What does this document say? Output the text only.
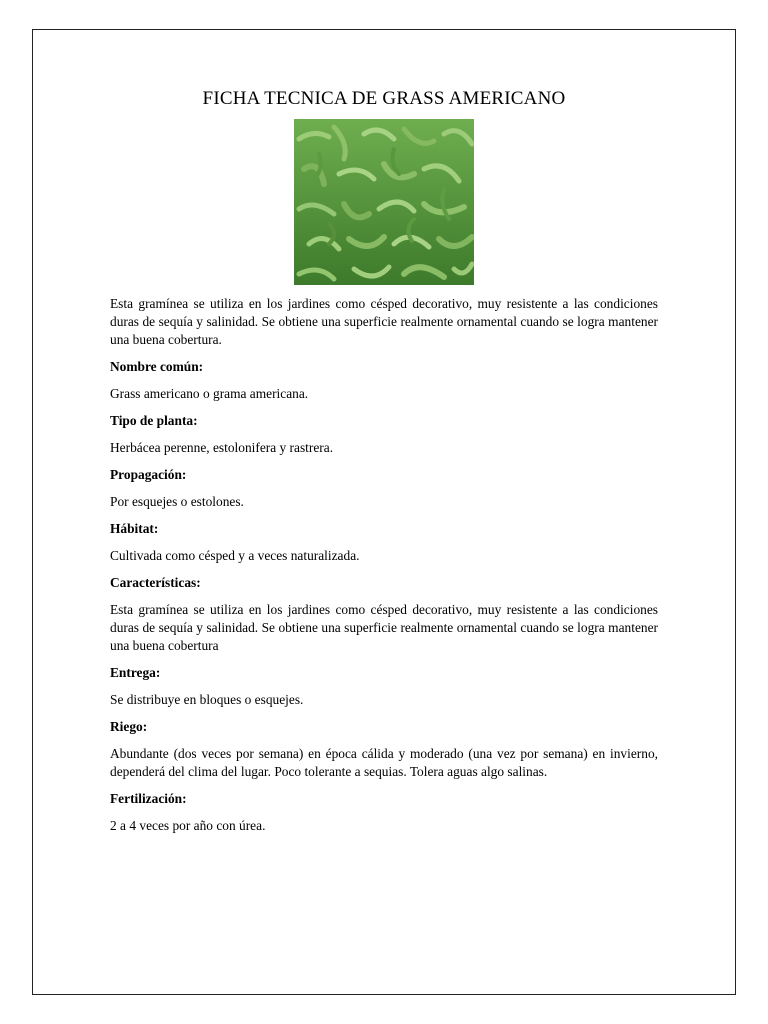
FICHA TECNICA DE GRASS AMERICANO

Esta gramínea se utiliza en los jardines como césped decorativo, muy resistente a las condiciones duras de sequía y salinidad. Se obtiene una superficie realmente ornamental cuando se logra mantener una buena cobertura.

Nombre común:

Grass americano o grama americana.

Tipo de planta:

Herbácea perenne, estolonifera y rastrera.

Propagación:

Por esquejes o estolones.

Hábitat:

Cultivada como césped y a veces naturalizada.

Características:

Esta gramínea se utiliza en los jardines como césped decorativo, muy resistente a las condiciones duras de sequía y salinidad. Se obtiene una superficie realmente ornamental cuando se logra mantener una buena cobertura

Entrega:

Se distribuye en bloques o esquejes.

Riego:

Abundante (dos veces por semana) en época cálida y moderado (una vez por semana) en invierno, dependerá del clima del lugar. Poco tolerante a sequias. Tolera aguas algo salinas.

Fertilización:

2 a 4 veces por año con úrea.
